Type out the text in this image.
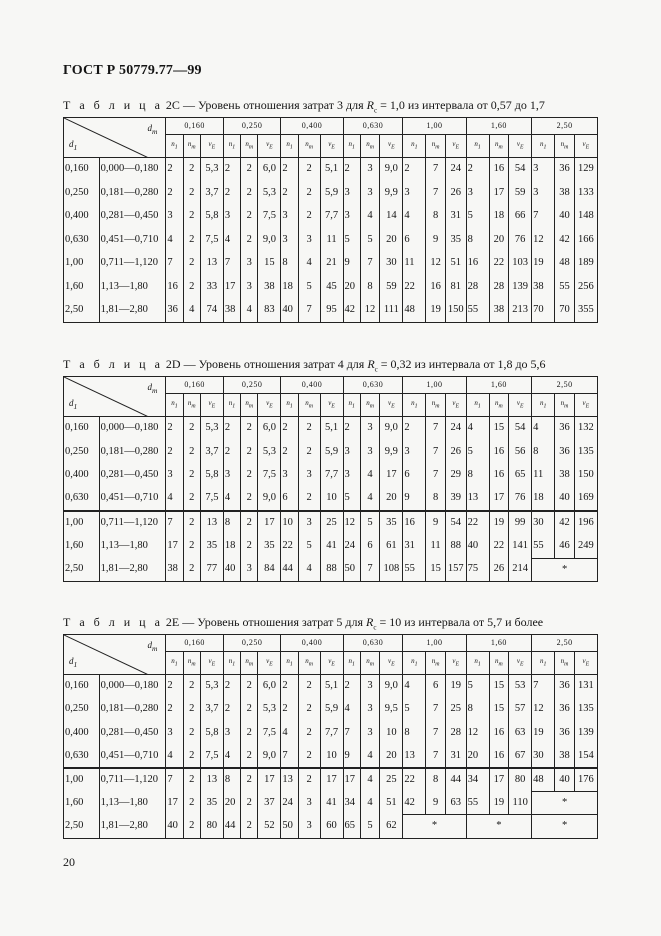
ГОСТ Р 50779.77—99
Т а б л и ц а 2С — Уровень отношения затрат 3 для $R_c = 1,0$ из интервала от 0,57 до 1,7
$d_т$
$d_1$		0,160			0,250			0,400			0,630			1,00			1,60			2,50		
		$n_1$	$n_т$	$\nu_E$	$n_1$	$n_т$	$\nu_E$	$n_1$	$n_т$	$\nu_E$	$n_1$	$n_т$	$\nu_E$	$n_1$	$n_т$	$\nu_E$	$n_1$	$n_т$	$\nu_E$	$n_1$	$n_т$	$\nu_E$
0,160	0,000—0,180	2	2	5,3	2	2	6,0	2	2	5,1	2	3	9,0	2	7	24	2	16	54	3	36	129
0,250	0,181—0,280	2	2	3,7	2	2	5,3	2	2	5,9	3	3	9,9	3	7	26	3	17	59	3	38	133
0,400	0,281—0,450	3	2	5,8	3	2	7,5	3	2	7,7	3	4	14	4	8	31	5	18	66	7	40	148
0,630	0,451—0,710	4	2	7,5	4	2	9,0	3	3	11	5	5	20	6	9	35	8	20	76	12	42	166
1,00	0,711—1,120	7	2	13	7	3	15	8	4	21	9	7	30	11	12	51	16	22	103	19	48	189
1,60	1,13—1,80	16	2	33	17	3	38	18	5	45	20	8	59	22	16	81	28	28	139	38	55	256
2,50	1,81—2,80	36	4	74	38	4	83	40	7	95	42	12	111	48	19	150	55	38	213	70	70	355
Т а б л и ц а 2D — Уровень отношения затрат 4 для $R_c = 0,32$ из интервала от 1,8 до 5,6
$d_т$
$d_1$		0,160			0,250			0,400			0,630			1,00			1,60			2,50		
		$n_1$	$n_т$	$\nu_E$	$n_1$	$n_т$	$\nu_E$	$n_1$	$n_т$	$\nu_E$	$n_1$	$n_т$	$\nu_E$	$n_1$	$n_т$	$\nu_E$	$n_1$	$n_т$	$\nu_E$	$n_1$	$n_т$	$\nu_E$
0,160	0,000—0,180	2	2	5,3	2	2	6,0	2	2	5,1	2	3	9,0	2	7	24	4	15	54	4	36	132
0,250	0,181—0,280	2	2	3,7	2	2	5,3	2	2	5,9	3	3	9,9	3	7	26	5	16	56	8	36	135
0,400	0,281—0,450	3	2	5,8	3	2	7,5	3	3	7,7	3	4	17	6	7	29	8	16	65	11	38	150
0,630	0,451—0,710	4	2	7,5	4	2	9,0	6	2	10	5	4	20	9	8	39	13	17	76	18	40	169
1,00	0,711—1,120	7	2	13	8	2	17	10	3	25	12	5	35	16	9	54	22	19	99	30	42	196
1,60	1,13—1,80	17	2	35	18	2	35	22	5	41	24	6	61	31	11	88	40	22	141	55	46	249
2,50	1,81—2,80	38	2	77	40	3	84	44	4	88	50	7	108	55	15	157	75	26	214	*		
Т а б л и ц а 2E — Уровень отношения затрат 5 для $R_c = 10$ из интервала от 5,7 и более
$d_т$
$d_1$		0,160			0,250			0,400			0,630			1,00			1,60			2,50		
		$n_1$	$n_т$	$\nu_E$	$n_1$	$n_т$	$\nu_E$	$n_1$	$n_т$	$\nu_E$	$n_1$	$n_т$	$\nu_E$	$n_1$	$n_т$	$\nu_E$	$n_1$	$n_т$	$\nu_E$	$n_1$	$n_т$	$\nu_E$
0,160	0,000—0,180	2	2	5,3	2	2	6,0	2	2	5,1	2	3	9,0	4	6	19	5	15	53	7	36	131
0,250	0,181—0,280	2	2	3,7	2	2	5,3	2	2	5,9	4	3	9,5	5	7	25	8	15	57	12	36	135
0,400	0,281—0,450	3	2	5,8	3	2	7,5	4	2	7,7	7	3	10	8	7	28	12	16	63	19	36	139
0,630	0,451—0,710	4	2	7,5	4	2	9,0	7	2	10	9	4	20	13	7	31	20	16	67	30	38	154
1,00	0,711—1,120	7	2	13	8	2	17	13	2	17	17	4	25	22	8	44	34	17	80	48	40	176
1,60	1,13—1,80	17	2	35	20	2	37	24	3	41	34	4	51	42	9	63	55	19	110	*		
2,50	1,81—2,80	40	2	80	44	2	52	50	3	60	65	5	62	*			*			*		
20
